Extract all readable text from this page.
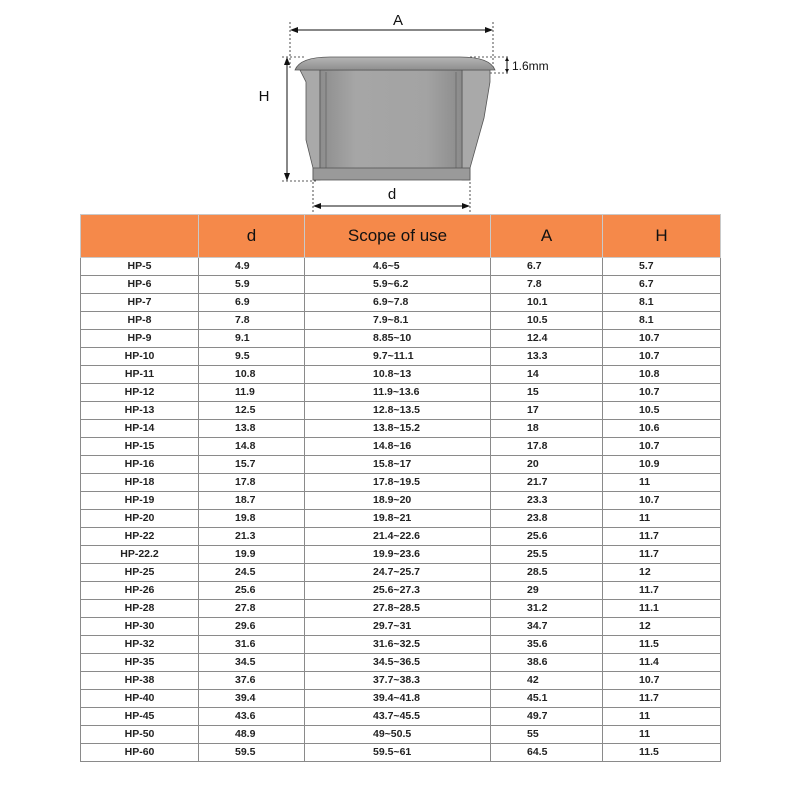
A
H
1.6mm
d
	d	Scope of use	A	H
HP-5	4.9	4.6~5	6.7	5.7
HP-6	5.9	5.9~6.2	7.8	6.7
HP-7	6.9	6.9~7.8	10.1	8.1
HP-8	7.8	7.9~8.1	10.5	8.1
HP-9	9.1	8.85~10	12.4	10.7
HP-10	9.5	9.7~11.1	13.3	10.7
HP-11	10.8	10.8~13	14	10.8
HP-12	11.9	11.9~13.6	15	10.7
HP-13	12.5	12.8~13.5	17	10.5
HP-14	13.8	13.8~15.2	18	10.6
HP-15	14.8	14.8~16	17.8	10.7
HP-16	15.7	15.8~17	20	10.9
HP-18	17.8	17.8~19.5	21.7	11
HP-19	18.7	18.9~20	23.3	10.7
HP-20	19.8	19.8~21	23.8	11
HP-22	21.3	21.4~22.6	25.6	11.7
HP-22.2	19.9	19.9~23.6	25.5	11.7
HP-25	24.5	24.7~25.7	28.5	12
HP-26	25.6	25.6~27.3	29	11.7
HP-28	27.8	27.8~28.5	31.2	11.1
HP-30	29.6	29.7~31	34.7	12
HP-32	31.6	31.6~32.5	35.6	11.5
HP-35	34.5	34.5~36.5	38.6	11.4
HP-38	37.6	37.7~38.3	42	10.7
HP-40	39.4	39.4~41.8	45.1	11.7
HP-45	43.6	43.7~45.5	49.7	11
HP-50	48.9	49~50.5	55	11
HP-60	59.5	59.5~61	64.5	11.5
